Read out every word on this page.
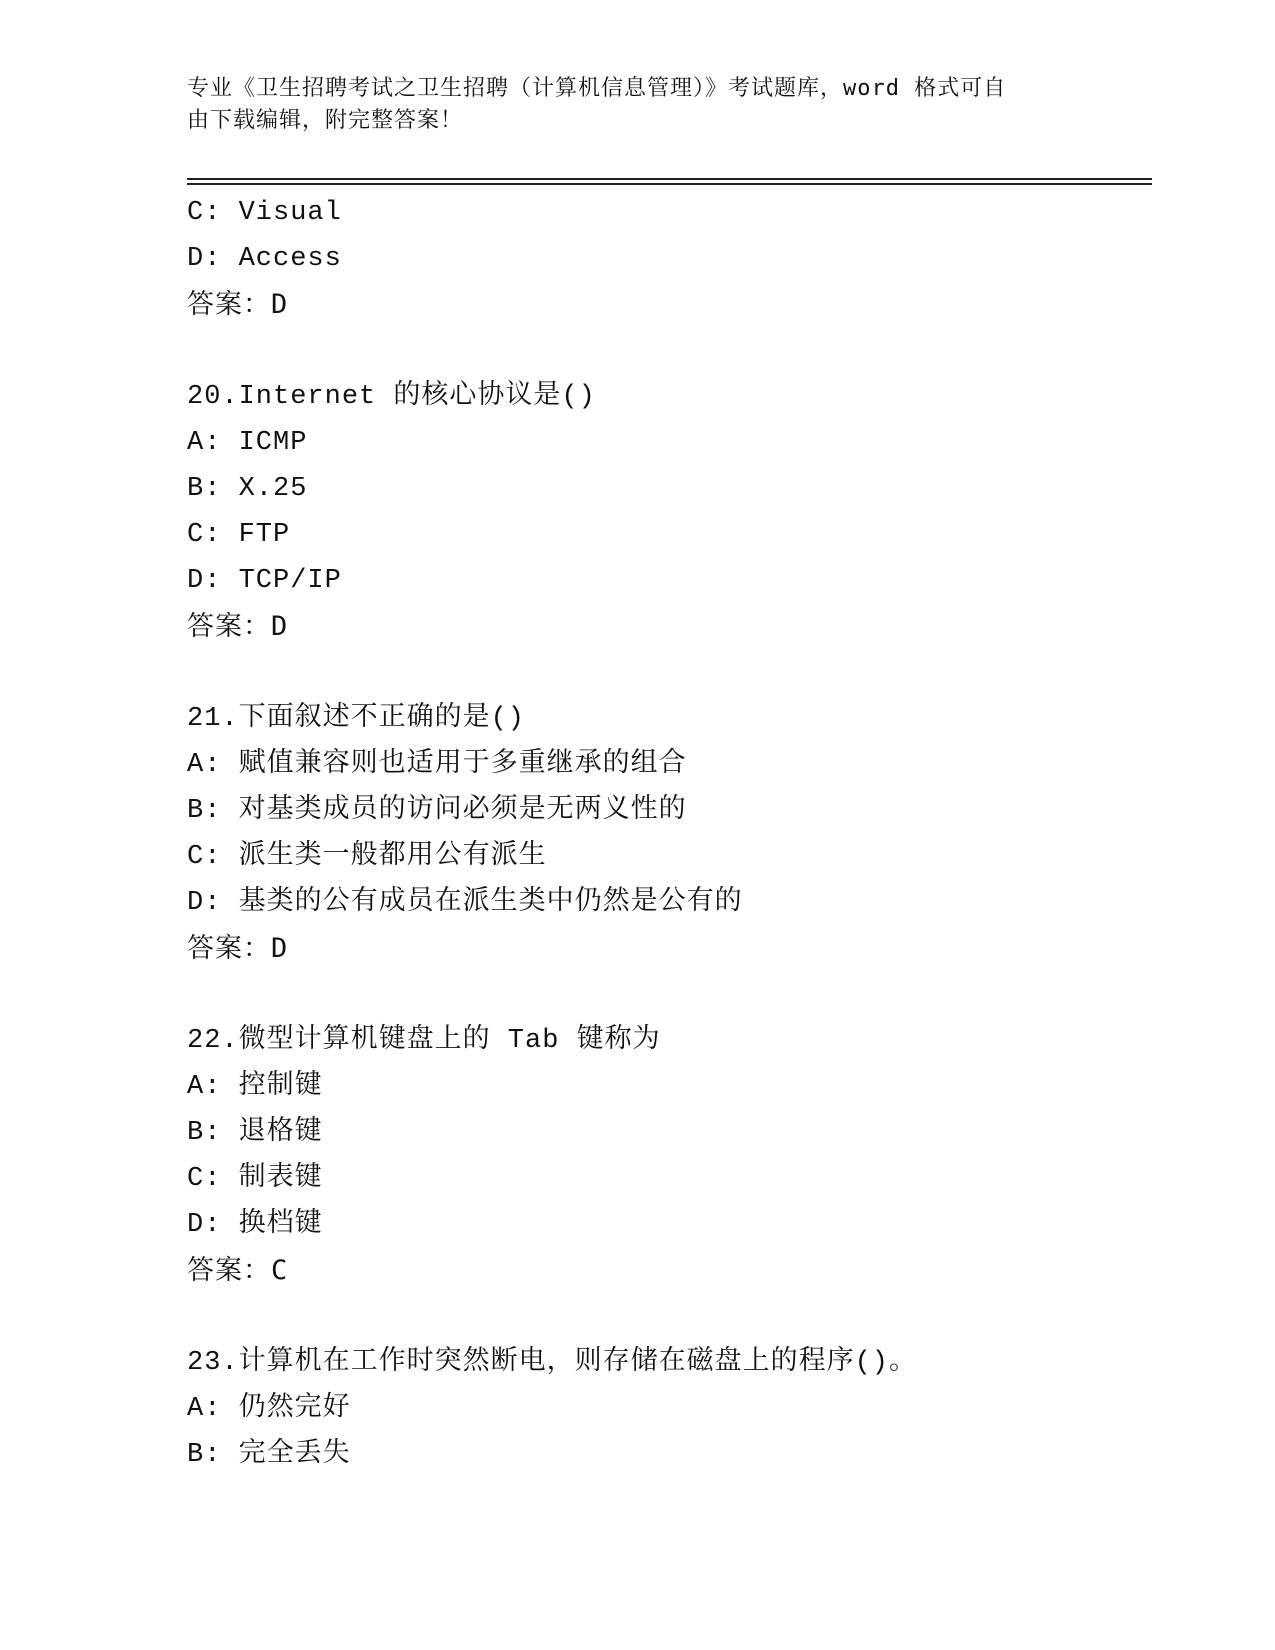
专业《卫生招聘考试之卫生招聘（计算机信息管理）》考试题库，word 格式可自
由下载编辑，附完整答案！
C: Visual
D: Access
答案：D
20.Internet 的核心协议是()
A: ICMP
B: X.25
C: FTP
D: TCP/IP
答案：D
21.下面叙述不正确的是()
A: 赋值兼容则也适用于多重继承的组合
B: 对基类成员的访问必须是无两义性的
C: 派生类一般都用公有派生
D: 基类的公有成员在派生类中仍然是公有的
答案：D
22.微型计算机键盘上的 Tab 键称为
A: 控制键
B: 退格键
C: 制表键
D: 换档键
答案：C
23.计算机在工作时突然断电，则存储在磁盘上的程序()。
A: 仍然完好
B: 完全丢失
